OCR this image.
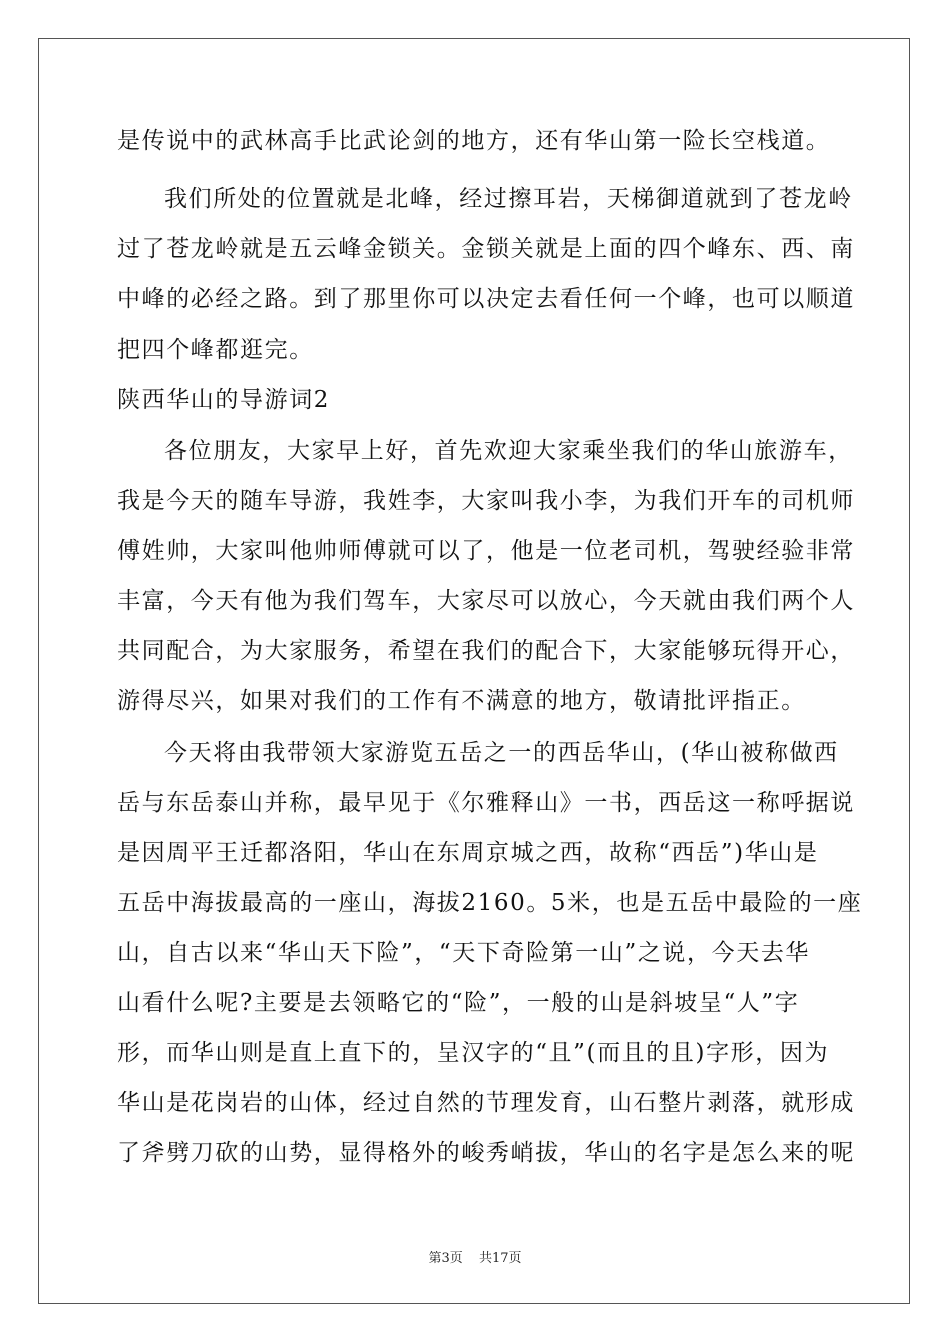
是传说中的武林高手比武论剑的地方，还有华山第一险长空栈道。
我们所处的位置就是北峰，经过擦耳岩，天梯御道就到了苍龙岭
过了苍龙岭就是五云峰金锁关。金锁关就是上面的四个峰东、西、南
中峰的必经之路。到了那里你可以决定去看任何一个峰，也可以顺道
把四个峰都逛完。
陕西华山的导游词2
各位朋友，大家早上好，首先欢迎大家乘坐我们的华山旅游车，
我是今天的随车导游，我姓李，大家叫我小李，为我们开车的司机师
傅姓帅，大家叫他帅师傅就可以了，他是一位老司机，驾驶经验非常
丰富，今天有他为我们驾车，大家尽可以放心，今天就由我们两个人
共同配合，为大家服务，希望在我们的配合下，大家能够玩得开心，
游得尽兴，如果对我们的工作有不满意的地方，敬请批评指正。
今天将由我带领大家游览五岳之一的西岳华山，(华山被称做西
岳与东岳泰山并称，最早见于《尔雅释山》一书，西岳这一称呼据说
是因周平王迁都洛阳，华山在东周京城之西，故称“西岳”)华山是
五岳中海拔最高的一座山，海拔2160。5米，也是五岳中最险的一座
山，自古以来“华山天下险”，“天下奇险第一山”之说，今天去华
山看什么呢?主要是去领略它的“险”，一般的山是斜坡呈“人”字
形，而华山则是直上直下的，呈汉字的“且”(而且的且)字形，因为
华山是花岗岩的山体，经过自然的节理发育，山石整片剥落，就形成
了斧劈刀砍的山势，显得格外的峻秀峭拔，华山的名字是怎么来的呢
第3页 共17页
